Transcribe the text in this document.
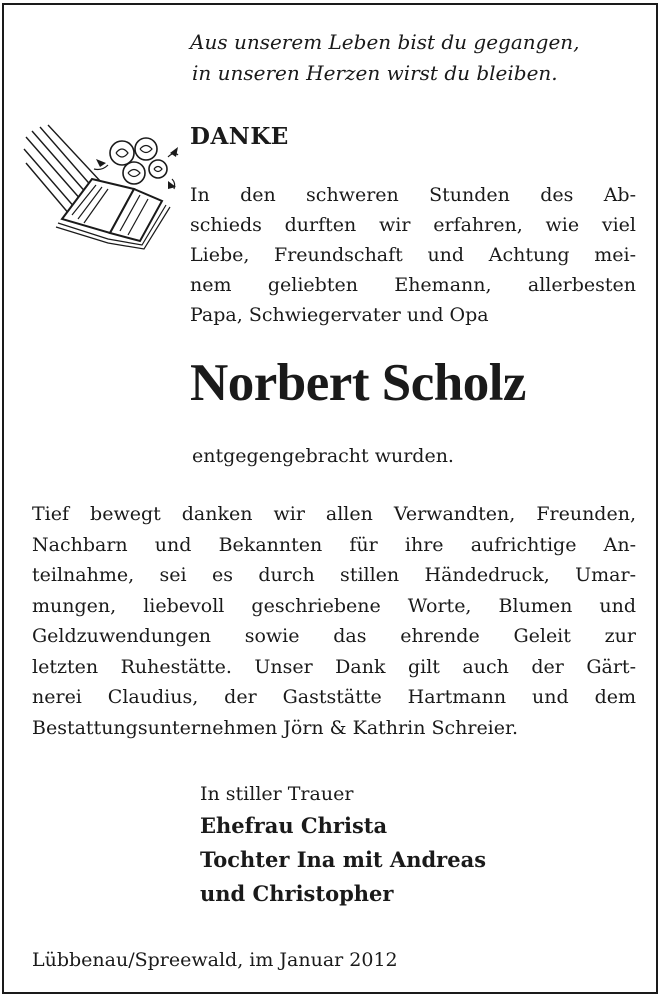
Aus unserem Leben bist du gegangen,
in unseren Herzen wirst du bleiben.
DANKE
In den schweren Stunden des Ab-
schieds durften wir erfahren, wie viel
Liebe, Freundschaft und Achtung mei-
nem geliebten Ehemann, allerbesten
Papa, Schwiegervater und Opa
Norbert Scholz
entgegengebracht wurden.
Tief bewegt danken wir allen Verwandten, Freunden,
Nachbarn und Bekannten für ihre aufrichtige An-
teilnahme, sei es durch stillen Händedruck, Umar-
mungen, liebevoll geschriebene Worte, Blumen und
Geldzuwendungen sowie das ehrende Geleit zur
letzten Ruhestätte. Unser Dank gilt auch der Gärt-
nerei Claudius, der Gaststätte Hartmann und dem
Bestattungsunternehmen Jörn & Kathrin Schreier.
In stiller Trauer
Ehefrau Christa
Tochter Ina mit Andreas
und Christopher
Lübbenau/Spreewald, im Januar 2012
